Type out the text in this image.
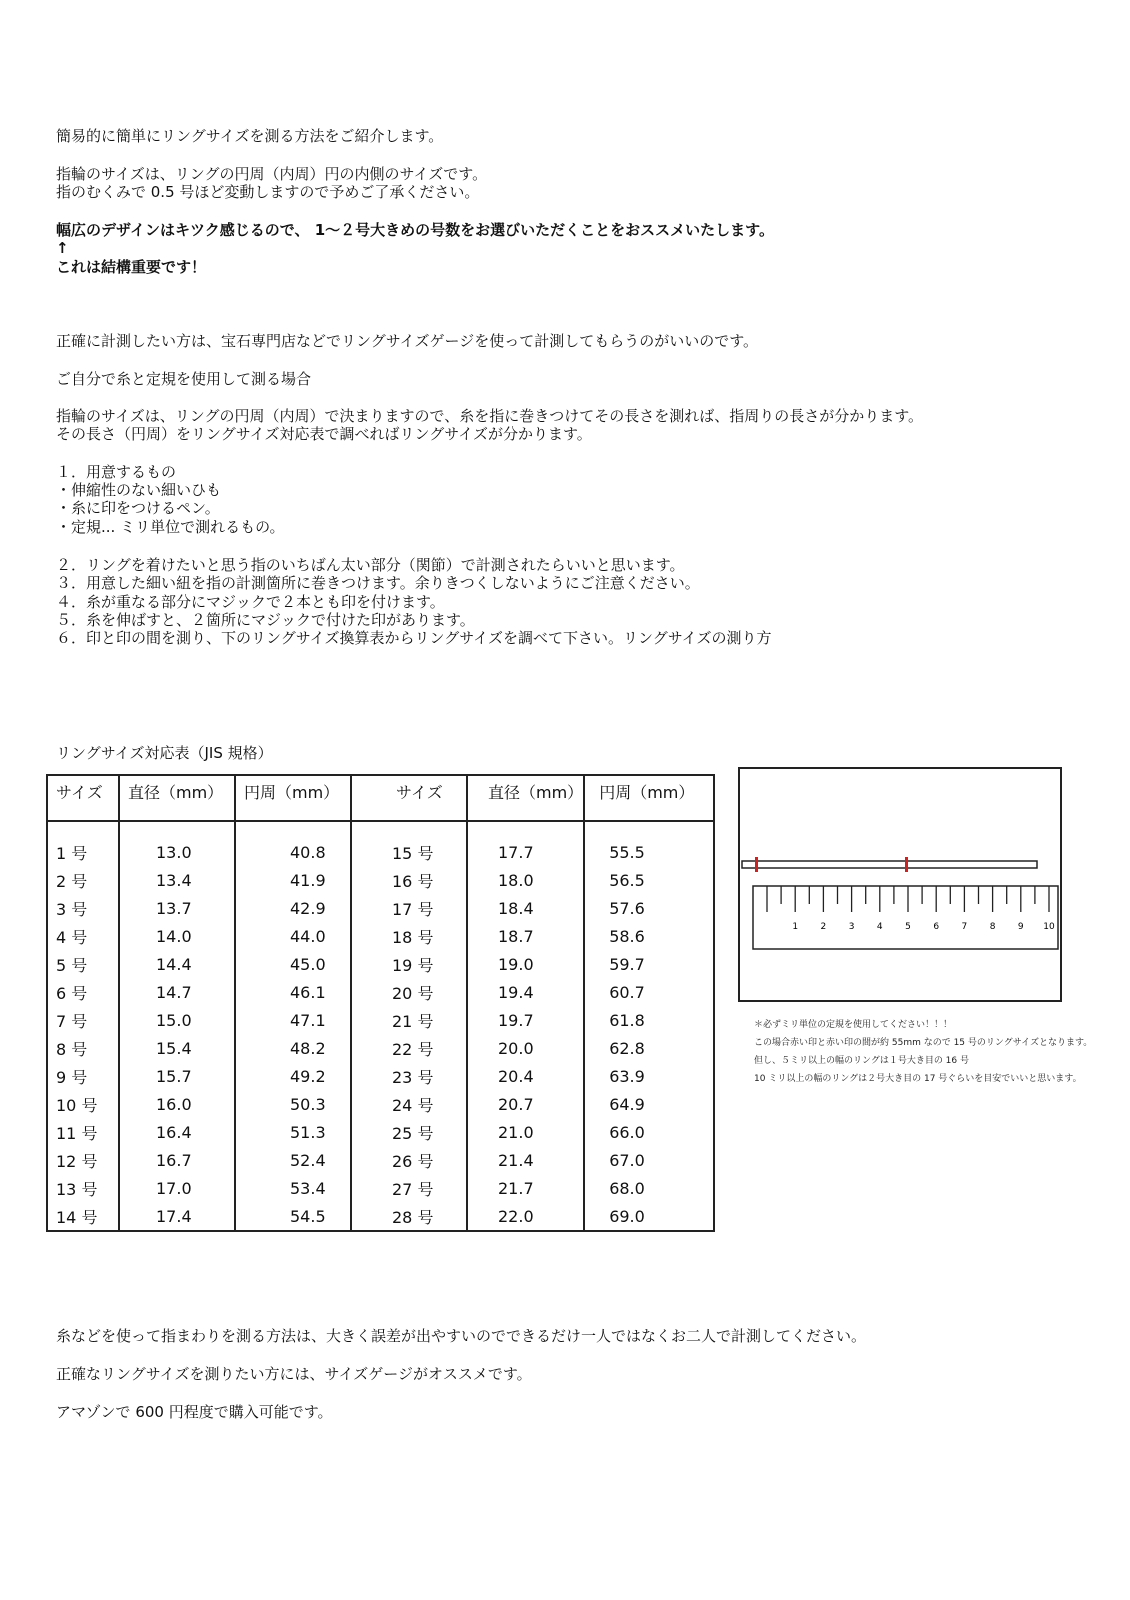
簡易的に簡単にリングサイズを測る方法をご紹介します。
指輪のサイズは、リングの円周（内周）円の内側のサイズです。
指のむくみで 0.5 号ほど変動しますので予めご了承ください。
幅広のデザインはキツク感じるので、 1～２号大きめの号数をお選びいただくことをおススメいたします。
↑
これは結構重要です！
正確に計測したい方は、宝石専門店などでリングサイズゲージを使って計測してもらうのがいいのです。
ご自分で糸と定規を使用して測る場合
指輪のサイズは、リングの円周（内周）で決まりますので、糸を指に巻きつけてその長さを測れば、指周りの長さが分かります。
その長さ（円周）をリングサイズ対応表で調べればリングサイズが分かります。
１．用意するもの
・伸縮性のない細いひも
・糸に印をつけるペン。
・定規... ミリ単位で測れるもの。
２．リングを着けたいと思う指のいちばん太い部分（関節）で計測されたらいいと思います。
３．用意した細い紐を指の計測箇所に巻きつけます。余りきつくしないようにご注意ください。
４．糸が重なる部分にマジックで２本とも印を付けます。
５．糸を伸ばすと、２箇所にマジックで付けた印があります。
６．印と印の間を測り、下のリングサイズ換算表からリングサイズを調べて下さい。リングサイズの測り方
リングサイズ対応表（JIS 規格）
サイズ	直径（mm）	円周（mm）	サイズ	直径（mm）	円周（mm）
1 号	13.0	40.8	15 号	17.7	55.5
2 号	13.4	41.9	16 号	18.0	56.5
3 号	13.7	42.9	17 号	18.4	57.6
4 号	14.0	44.0	18 号	18.7	58.6
5 号	14.4	45.0	19 号	19.0	59.7
6 号	14.7	46.1	20 号	19.4	60.7
7 号	15.0	47.1	21 号	19.7	61.8
8 号	15.4	48.2	22 号	20.0	62.8
9 号	15.7	49.2	23 号	20.4	63.9
10 号	16.0	50.3	24 号	20.7	64.9
11 号	16.4	51.3	25 号	21.0	66.0
12 号	16.7	52.4	26 号	21.4	67.0
13 号	17.0	53.4	27 号	21.7	68.0
14 号	17.4	54.5	28 号	22.0	69.0
1 2 3 4 5 6 7 8 9 10
＊必ずミリ単位の定規を使用してください！！！
この場合赤い印と赤い印の間が約 55mm なので 15 号のリングサイズとなります。
但し、５ミリ以上の幅のリングは１号大き目の 16 号
10 ミリ以上の幅のリングは２号大き目の 17 号ぐらいを目安でいいと思います。
糸などを使って指まわりを測る方法は、大きく誤差が出やすいのでできるだけ一人ではなくお二人で計測してください。
正確なリングサイズを測りたい方には、サイズゲージがオススメです。
アマゾンで 600 円程度で購入可能です。
